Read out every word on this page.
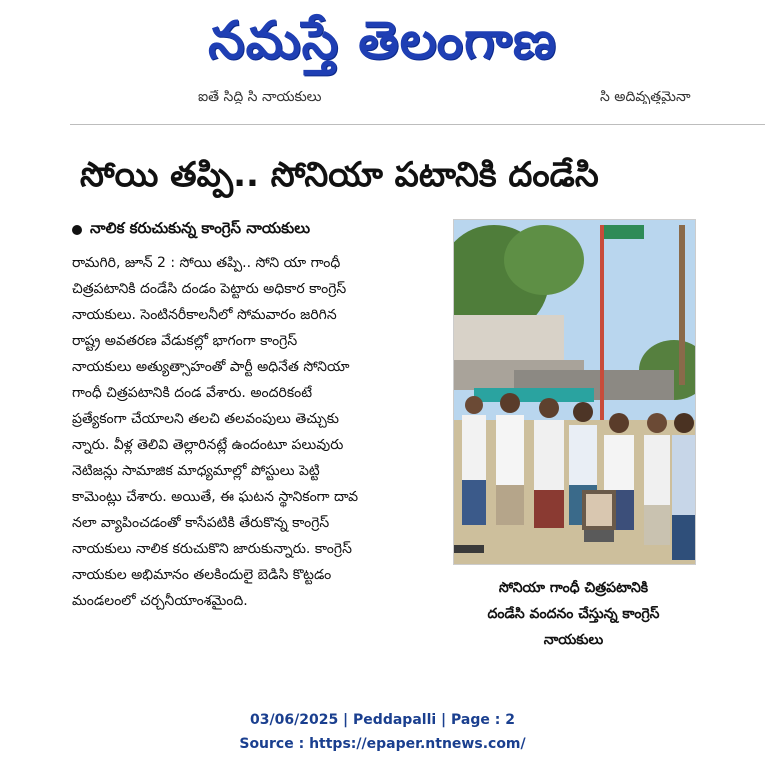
నమస్తే తెలంగాణ
ఐతే సిద్ధి సి నాయకులు	సి అదివృత్తమైనా
సోయి తప్పి.. సోనియా పటానికి దండేసి
నాలిక కరుచుకున్న కాంగ్రెస్‌ నాయకులు
రామగిరి, జూన్‌ 2 : సోయి తప్పి.. సోని యా గాంధీ
చిత్రపటానికి దండేసి దండం పెట్టారు అధికార కాంగ్రెస్‌
నాయకులు. సెంటినరీకాలనీలో సోమవారం జరిగిన
రాష్ట్ర అవతరణ వేడుకల్లో భాగంగా కాంగ్రెస్‌
నాయకులు అత్యుత్సాహంతో పార్టీ అధినేత సోనియా
గాంధీ చిత్రపటానికి దండ వేశారు. అందరికంటే
ప్రత్యేకంగా చేయాలని తలచి తలవంపులు తెచ్చుకు
న్నారు. వీళ్ల తెలివి తెల్లారినట్లే ఉందంటూ పలువురు
నెటిజన్లు సామాజిక మాధ్యమాల్లో పోస్టులు పెట్టి
కామెంట్లు చేశారు. అయితే, ఈ ఘటన స్థానికంగా దావ
నలా వ్యాపించడంతో కాసేపటికి తేరుకొన్న కాంగ్రెస్‌
నాయకులు నాలిక కరుచుకొని జారుకున్నారు. కాంగ్రెస్‌
నాయకుల అభిమానం తలకిందులై బెడిసి కొట్టడం
మండలంలో చర్చనీయాంశమైంది.
సోనియా గాంధీ చిత్రపటానికి
దండేసి వందనం చేస్తున్న కాంగ్రెస్‌
నాయకులు
03/06/2025 | Peddapalli | Page : 2
Source : https://epaper.ntnews.com/
